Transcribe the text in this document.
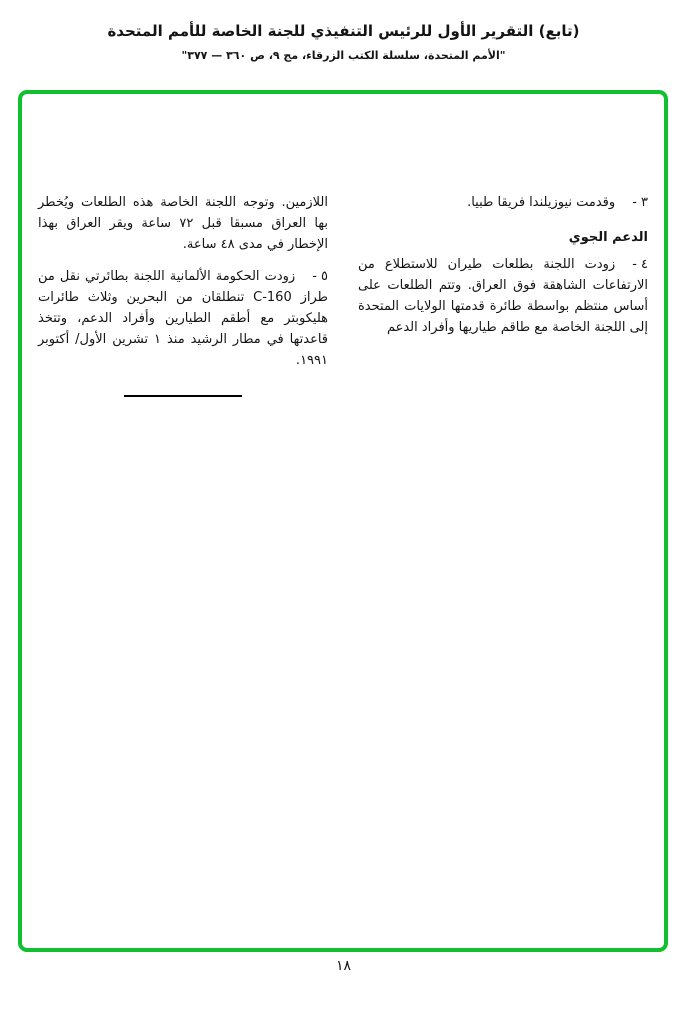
(تابع) التقرير الأول للرئيس التنفيذي للجنة الخاصة للأمم المتحدة
"الأمم المتحدة، سلسلة الكتب الزرقاء، مج ٩، ص ٣٦٠ — ٣٧٧"

٣ -وقدمت نيوزيلندا فريقا طبيا.

الدعم الجوي

٤ -زودت اللجنة بطلعات طيران للاستطلاع من الارتفاعات الشاهقة فوق العراق. وتتم الطلعات على أساس منتظم بواسطة طائرة قدمتها الولايات المتحدة إلى اللجنة الخاصة مع طاقم طياريها وأفراد الدعم

اللازمين. وتوجه اللجنة الخاصة هذه الطلعات ويُخطر بها العراق مسبقا قبل ٧٢ ساعة ويقر العراق بهذا الإخطار في مدى ٤٨ ساعة.

٥ -زودت الحكومة الألمانية اللجنة بطائرتي نقل من طراز C-160 تنطلقان من البحرين وثلاث طائرات هليكوبتر مع أطقم الطيارين وأفراد الدعم، وتتخذ قاعدتها في مطار الرشيد منذ ١ تشرين الأول/ أكتوبر ١٩٩١.

١٨
